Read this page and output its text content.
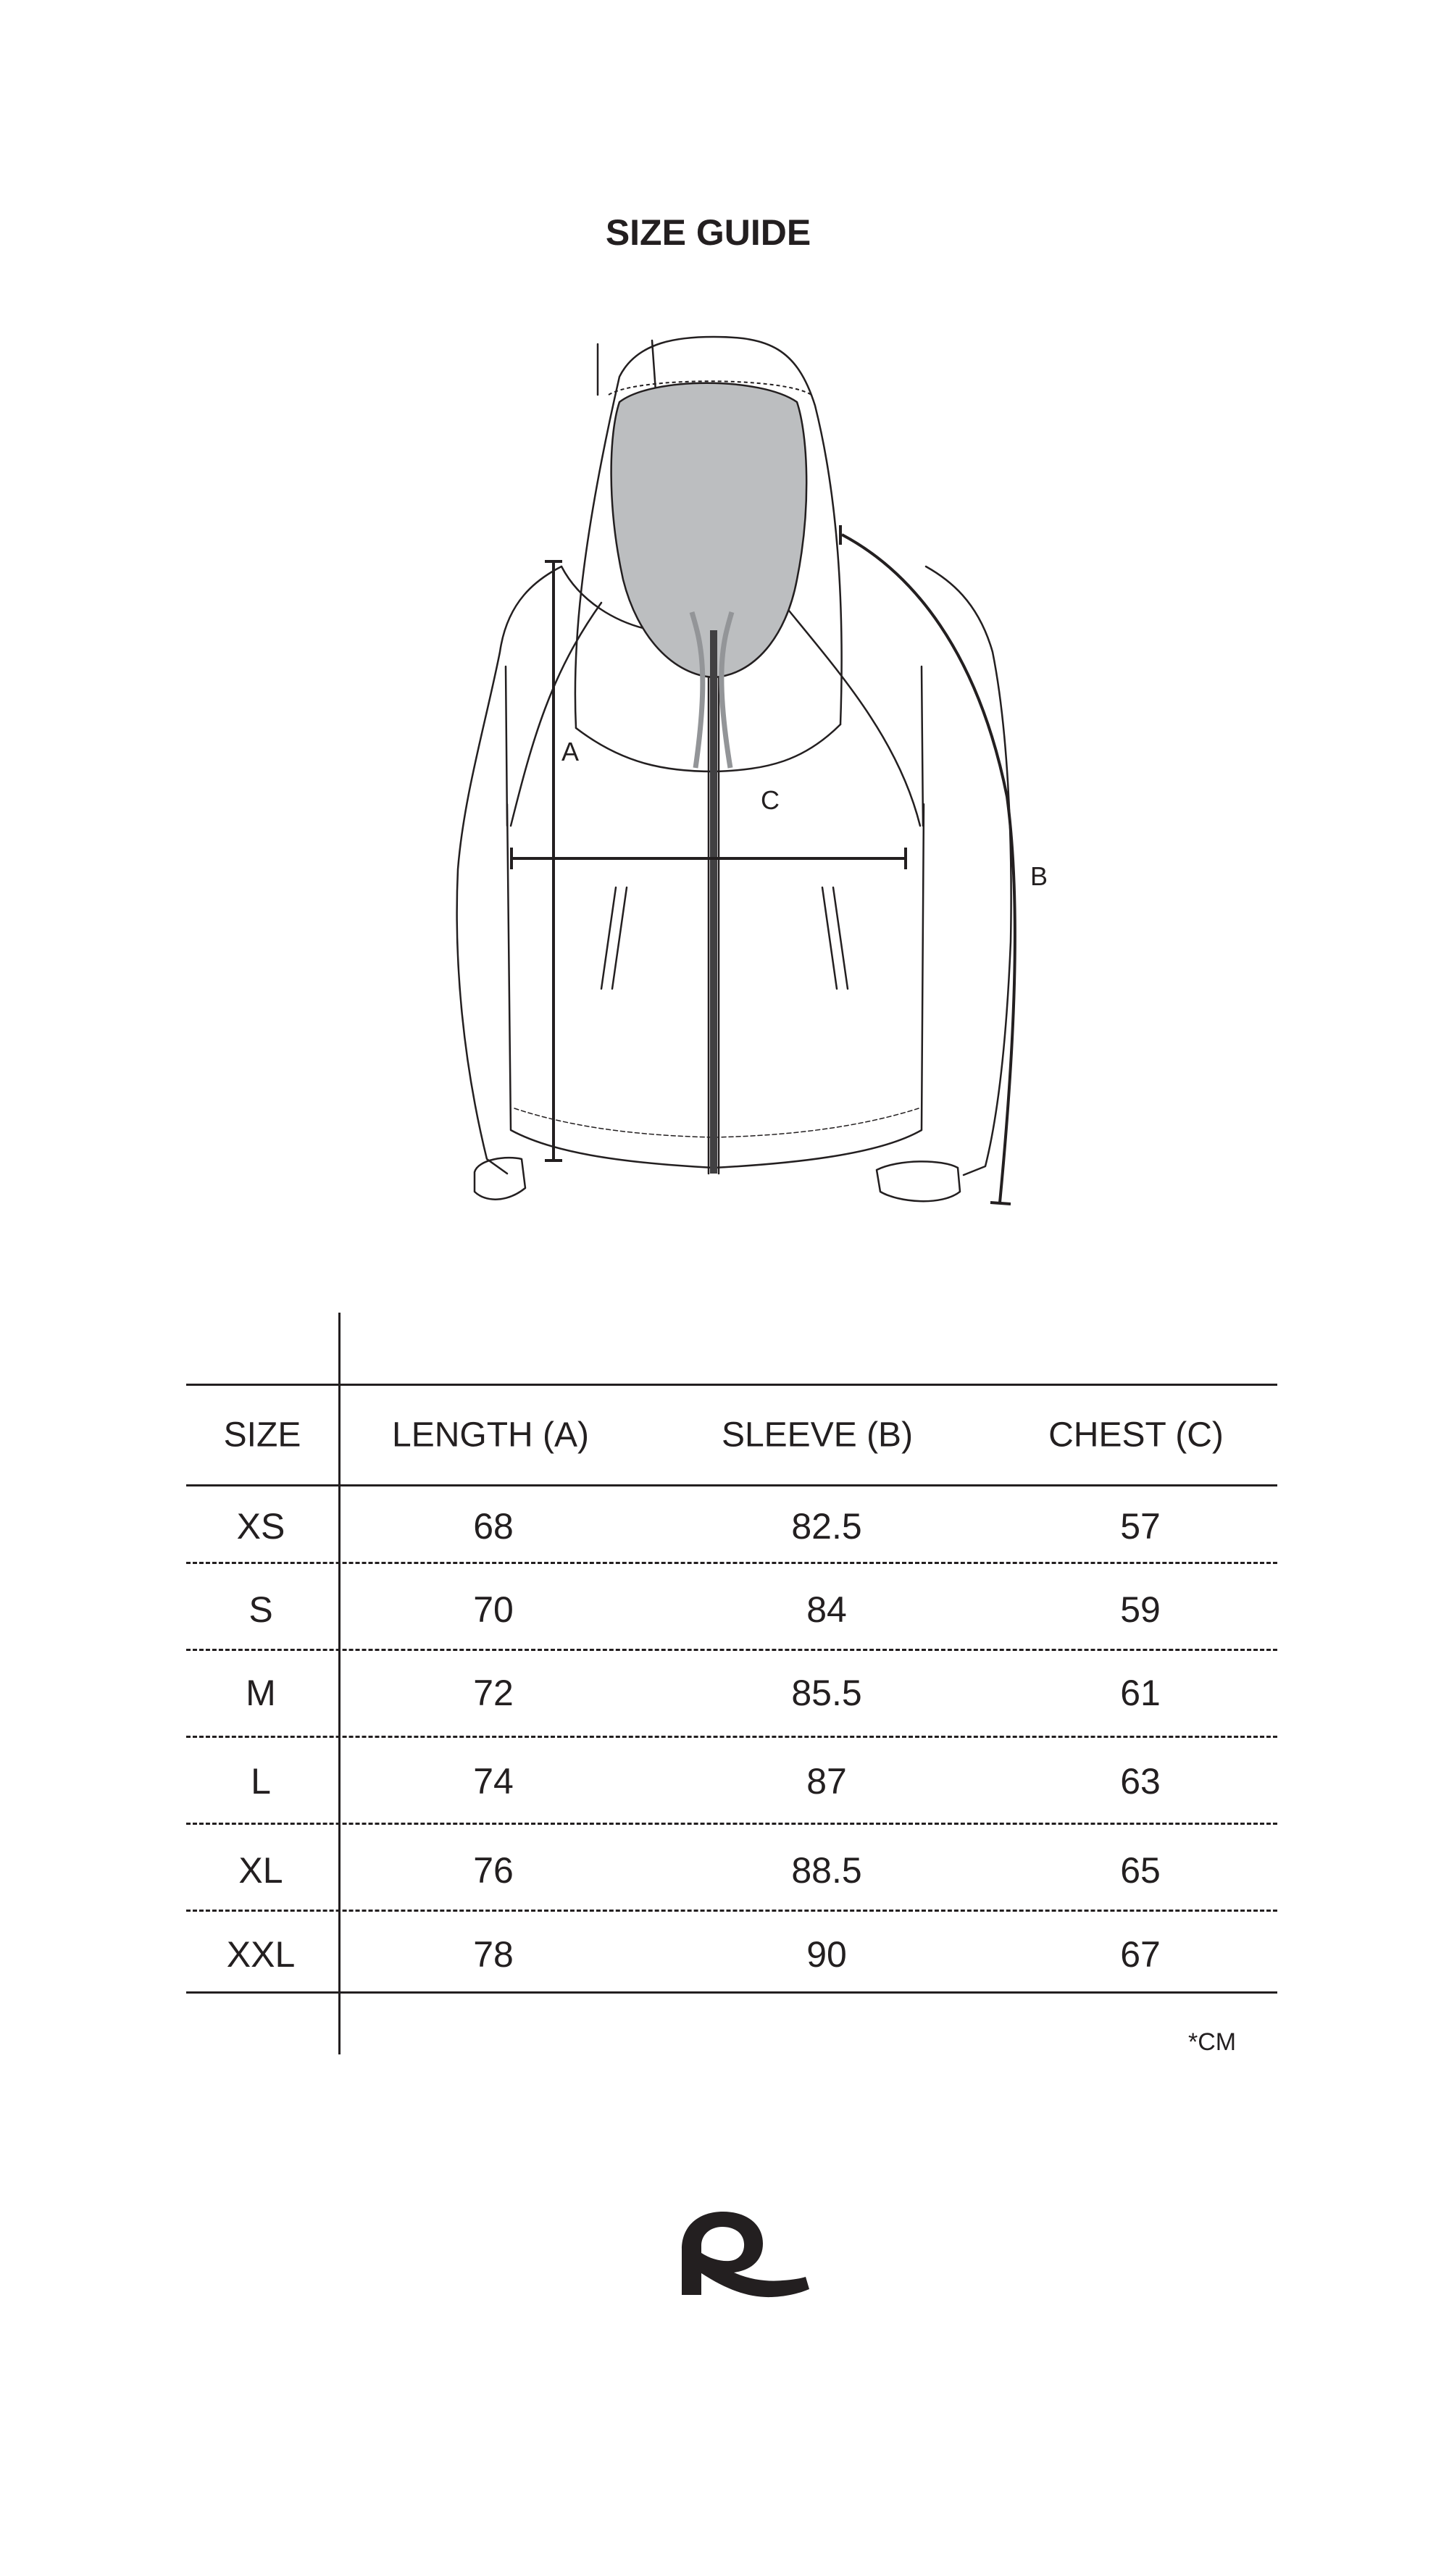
SIZE GUIDE
A
C
B
SIZE	LENGTH (A)	SLEEVE (B)	CHEST (C)
XS	68	82.5	57
S	70	84	59
M	72	85.5	61
L	74	87	63
XL	76	88.5	65
XXL	78	90	67
*CM
